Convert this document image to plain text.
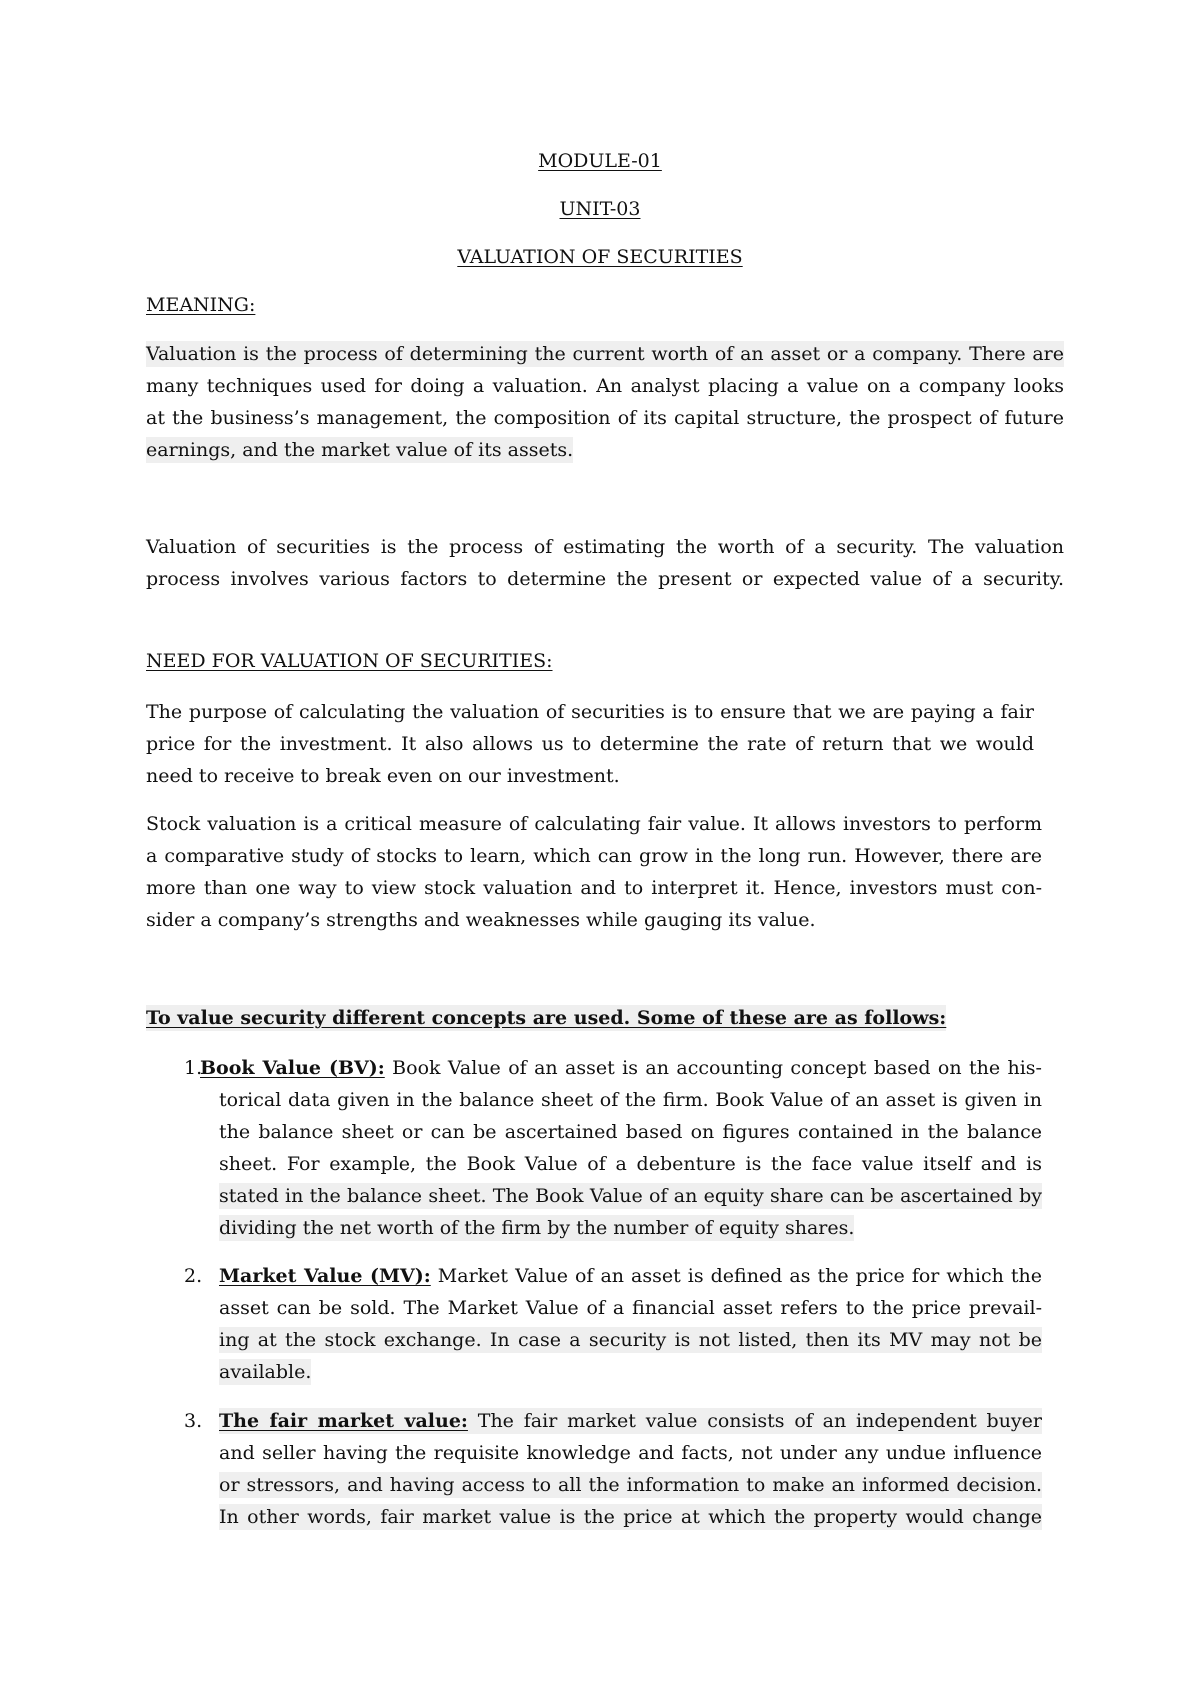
MODULE-01
UNIT-03
VALUATION OF SECURITIES
MEANING:
Valuation is the process of determining the current worth of an asset or a company. There are
many techniques used for doing a valuation. An analyst placing a value on a company looks
at the business’s management, the composition of its capital structure, the prospect of future
earnings, and the market value of its assets.
Valuation of securities is the process of estimating the worth of a security. The valuation
process involves various factors to determine the present or expected value of a security.
NEED FOR VALUATION OF SECURITIES:
The purpose of calculating the valuation of securities is to ensure that we are paying a fair
price for the investment. It also allows us to determine the rate of return that we would
need to receive to break even on our investment.
Stock valuation is a critical measure of calculating fair value. It allows investors to perform
a comparative study of stocks to learn, which can grow in the long run. However, there are
more than one way to view stock valuation and to interpret it. Hence, investors must con-
sider a company’s strengths and weaknesses while gauging its value.
To value security different concepts are used. Some of these are as follows:
1.
Book Value (BV): Book Value of an asset is an accounting concept based on the his-
torical data given in the balance sheet of the firm. Book Value of an asset is given in
the balance sheet or can be ascertained based on figures contained in the balance
sheet. For example, the Book Value of a debenture is the face value itself and is
stated in the balance sheet. The Book Value of an equity share can be ascertained by
dividing the net worth of the firm by the number of equity shares.
2. Market Value (MV): Market Value of an asset is defined as the price for which the
asset can be sold. The Market Value of a financial asset refers to the price prevail-
ing at the stock exchange. In case a security is not listed, then its MV may not be
available.
3. The fair market value: The fair market value consists of an independent buyer
and seller having the requisite knowledge and facts, not under any undue influence
or stressors, and having access to all the information to make an informed decision.
In other words, fair market value is the price at which the property would change
